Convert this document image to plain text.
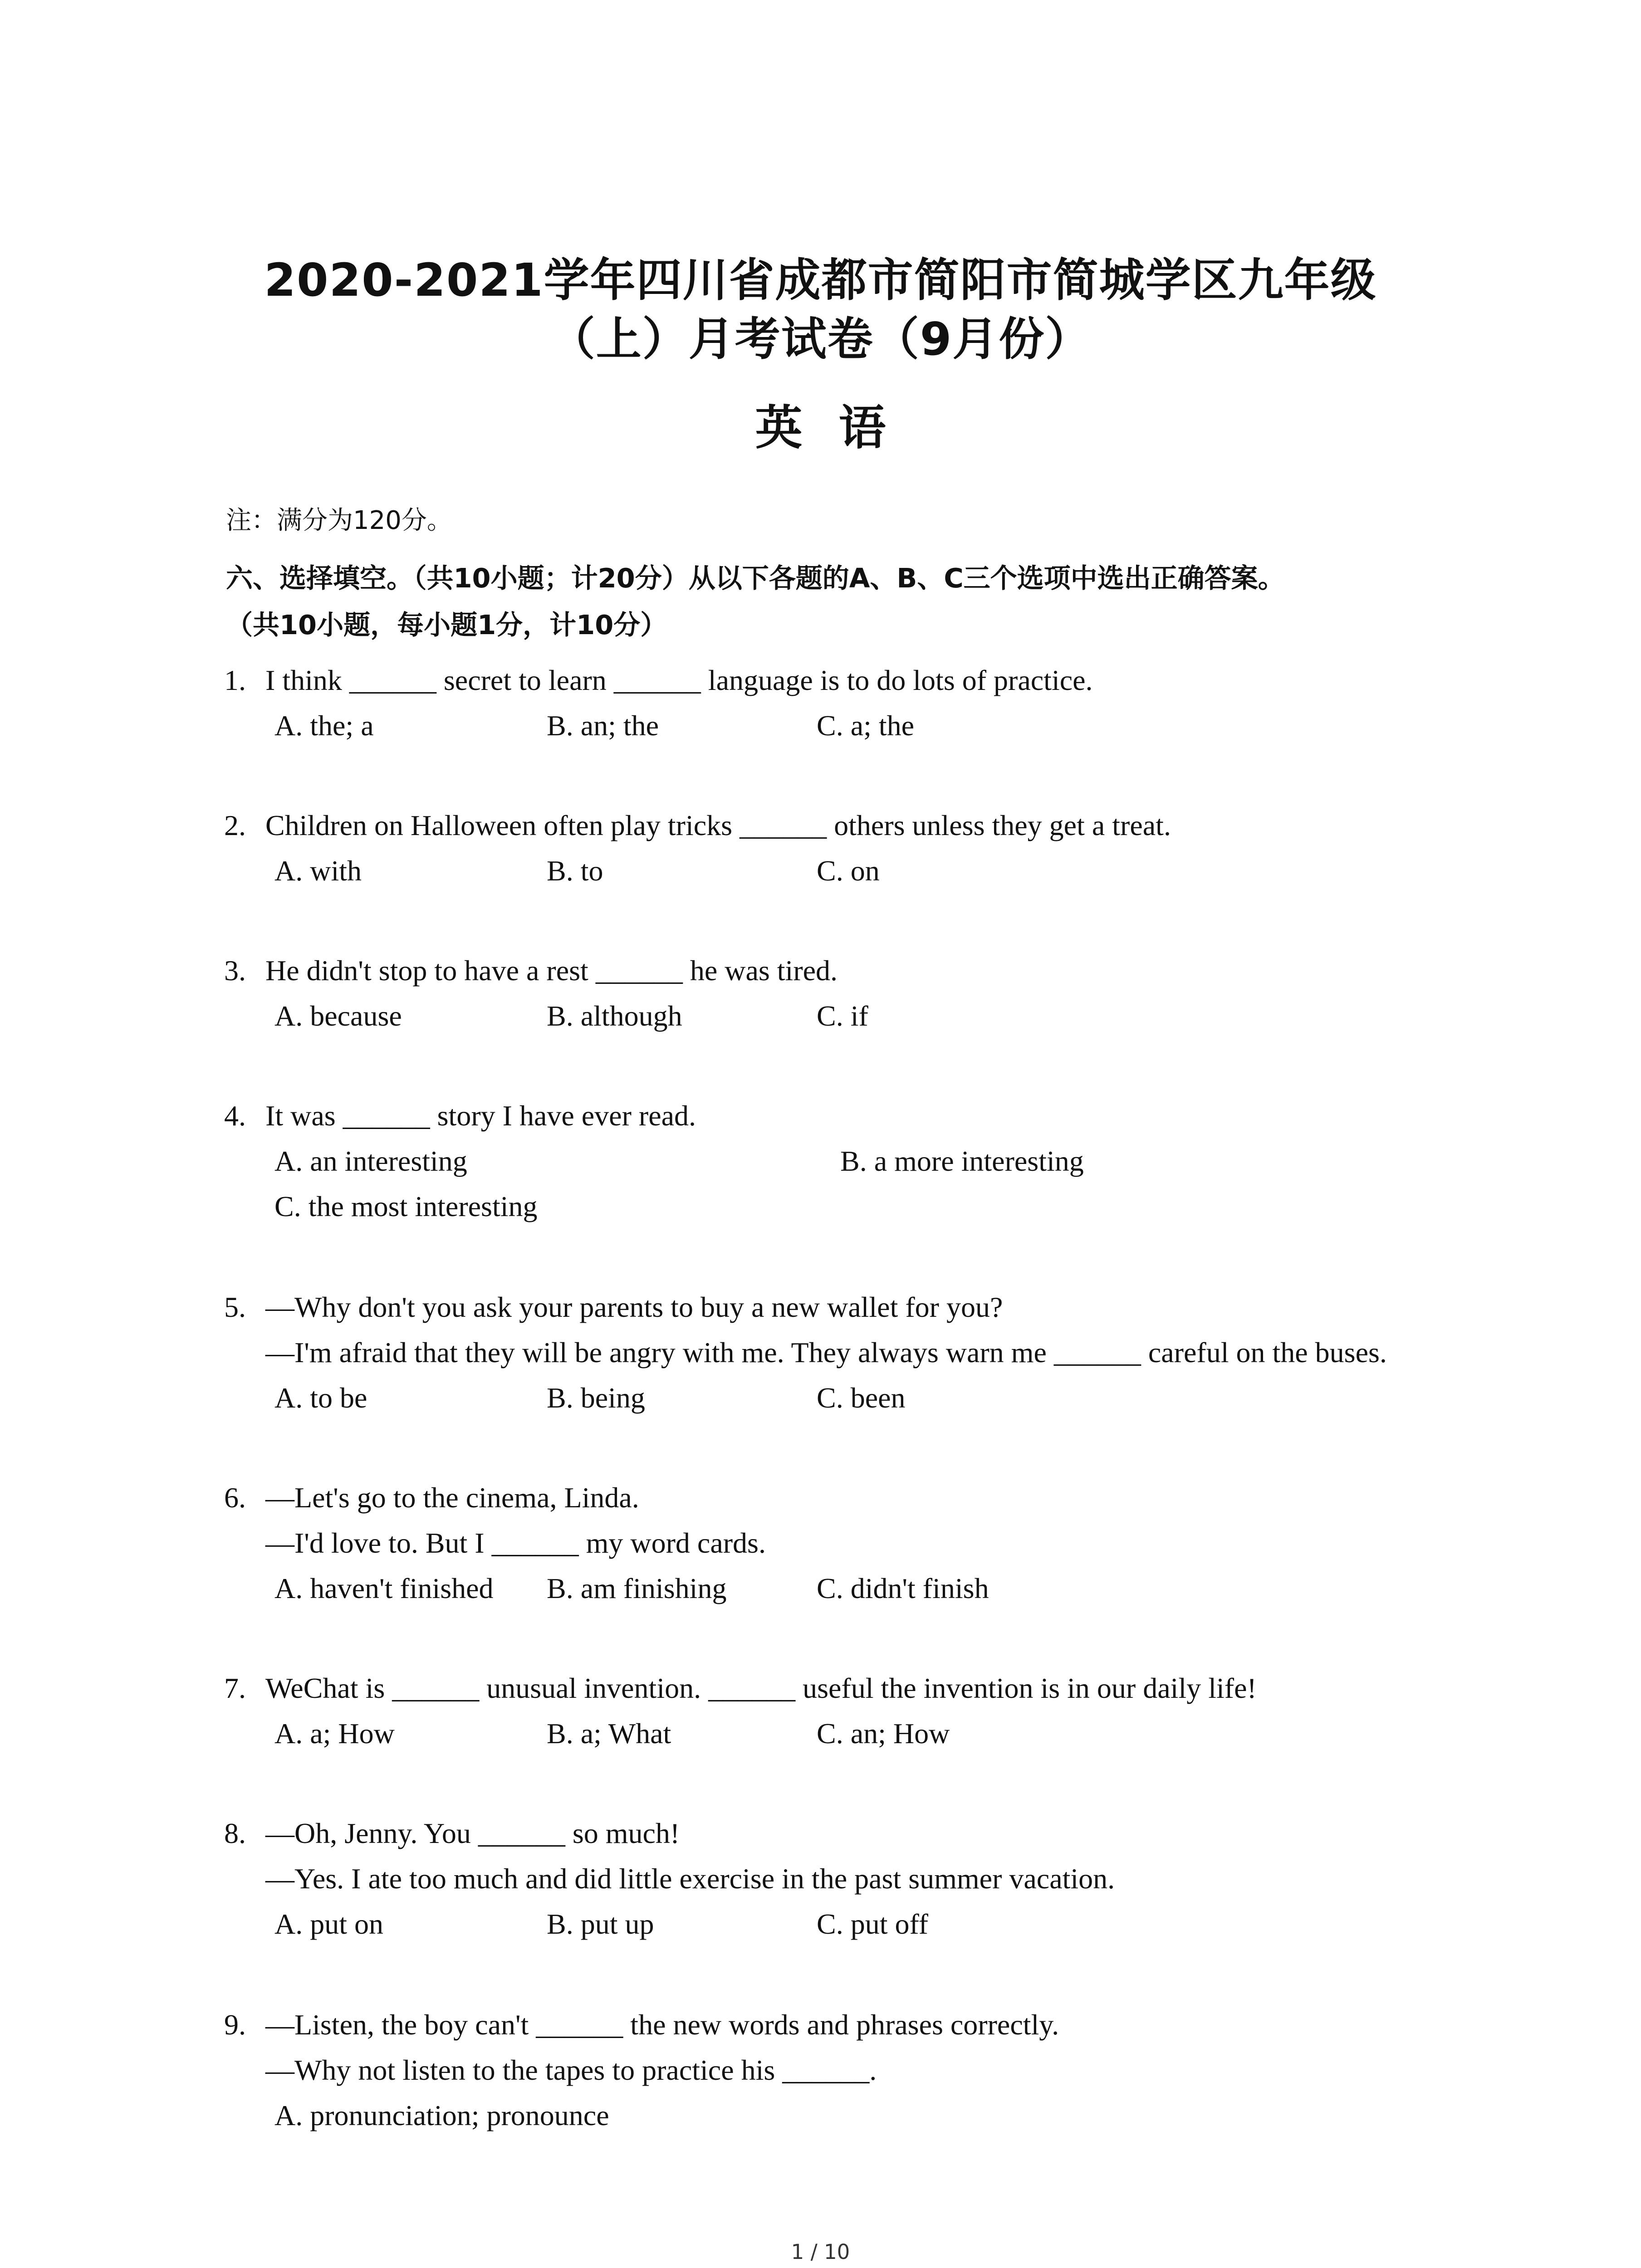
2020-2021学年四川省成都市简阳市简城学区九年级
（上）月考试卷（9月份）
英语
注：满分为120分。
六、选择填空。（共10小题；计20分）从以下各题的A、B、C三个选项中选出正确答案。
（共10小题，每小题1分，计10分）
1. I think ______ secret to learn ______ language is to do lots of practice.
A. the; a	B. an; the	C. a; the
2. Children on Halloween often play tricks ______ others unless they get a treat.
A. with	B. to	C. on
3. He didn't stop to have a rest ______ he was tired.
A. because	B. although	C. if
4. It was ______ story I have ever read.
A. an interesting	B. a more interesting
C. the most interesting
5. —Why don't you ask your parents to buy a new wallet for you?
—I'm afraid that they will be angry with me. They always warn me ______ careful on the buses.
A. to be	B. being	C. been
6. —Let's go to the cinema, Linda.
—I'd love to. But I ______ my word cards.
A. haven't finished B. am finishing	C. didn't finish
7. WeChat is ______ unusual invention. ______ useful the invention is in our daily life!
A. a; How	B. a; What	C. an; How
8. —Oh, Jenny. You ______ so much!
—Yes. I ate too much and did little exercise in the past summer vacation.
A. put on	B. put up	C. put off
9. —Listen, the boy can't ______ the new words and phrases correctly.
—Why not listen to the tapes to practice his ______.
A. pronunciation; pronounce
1 / 10
